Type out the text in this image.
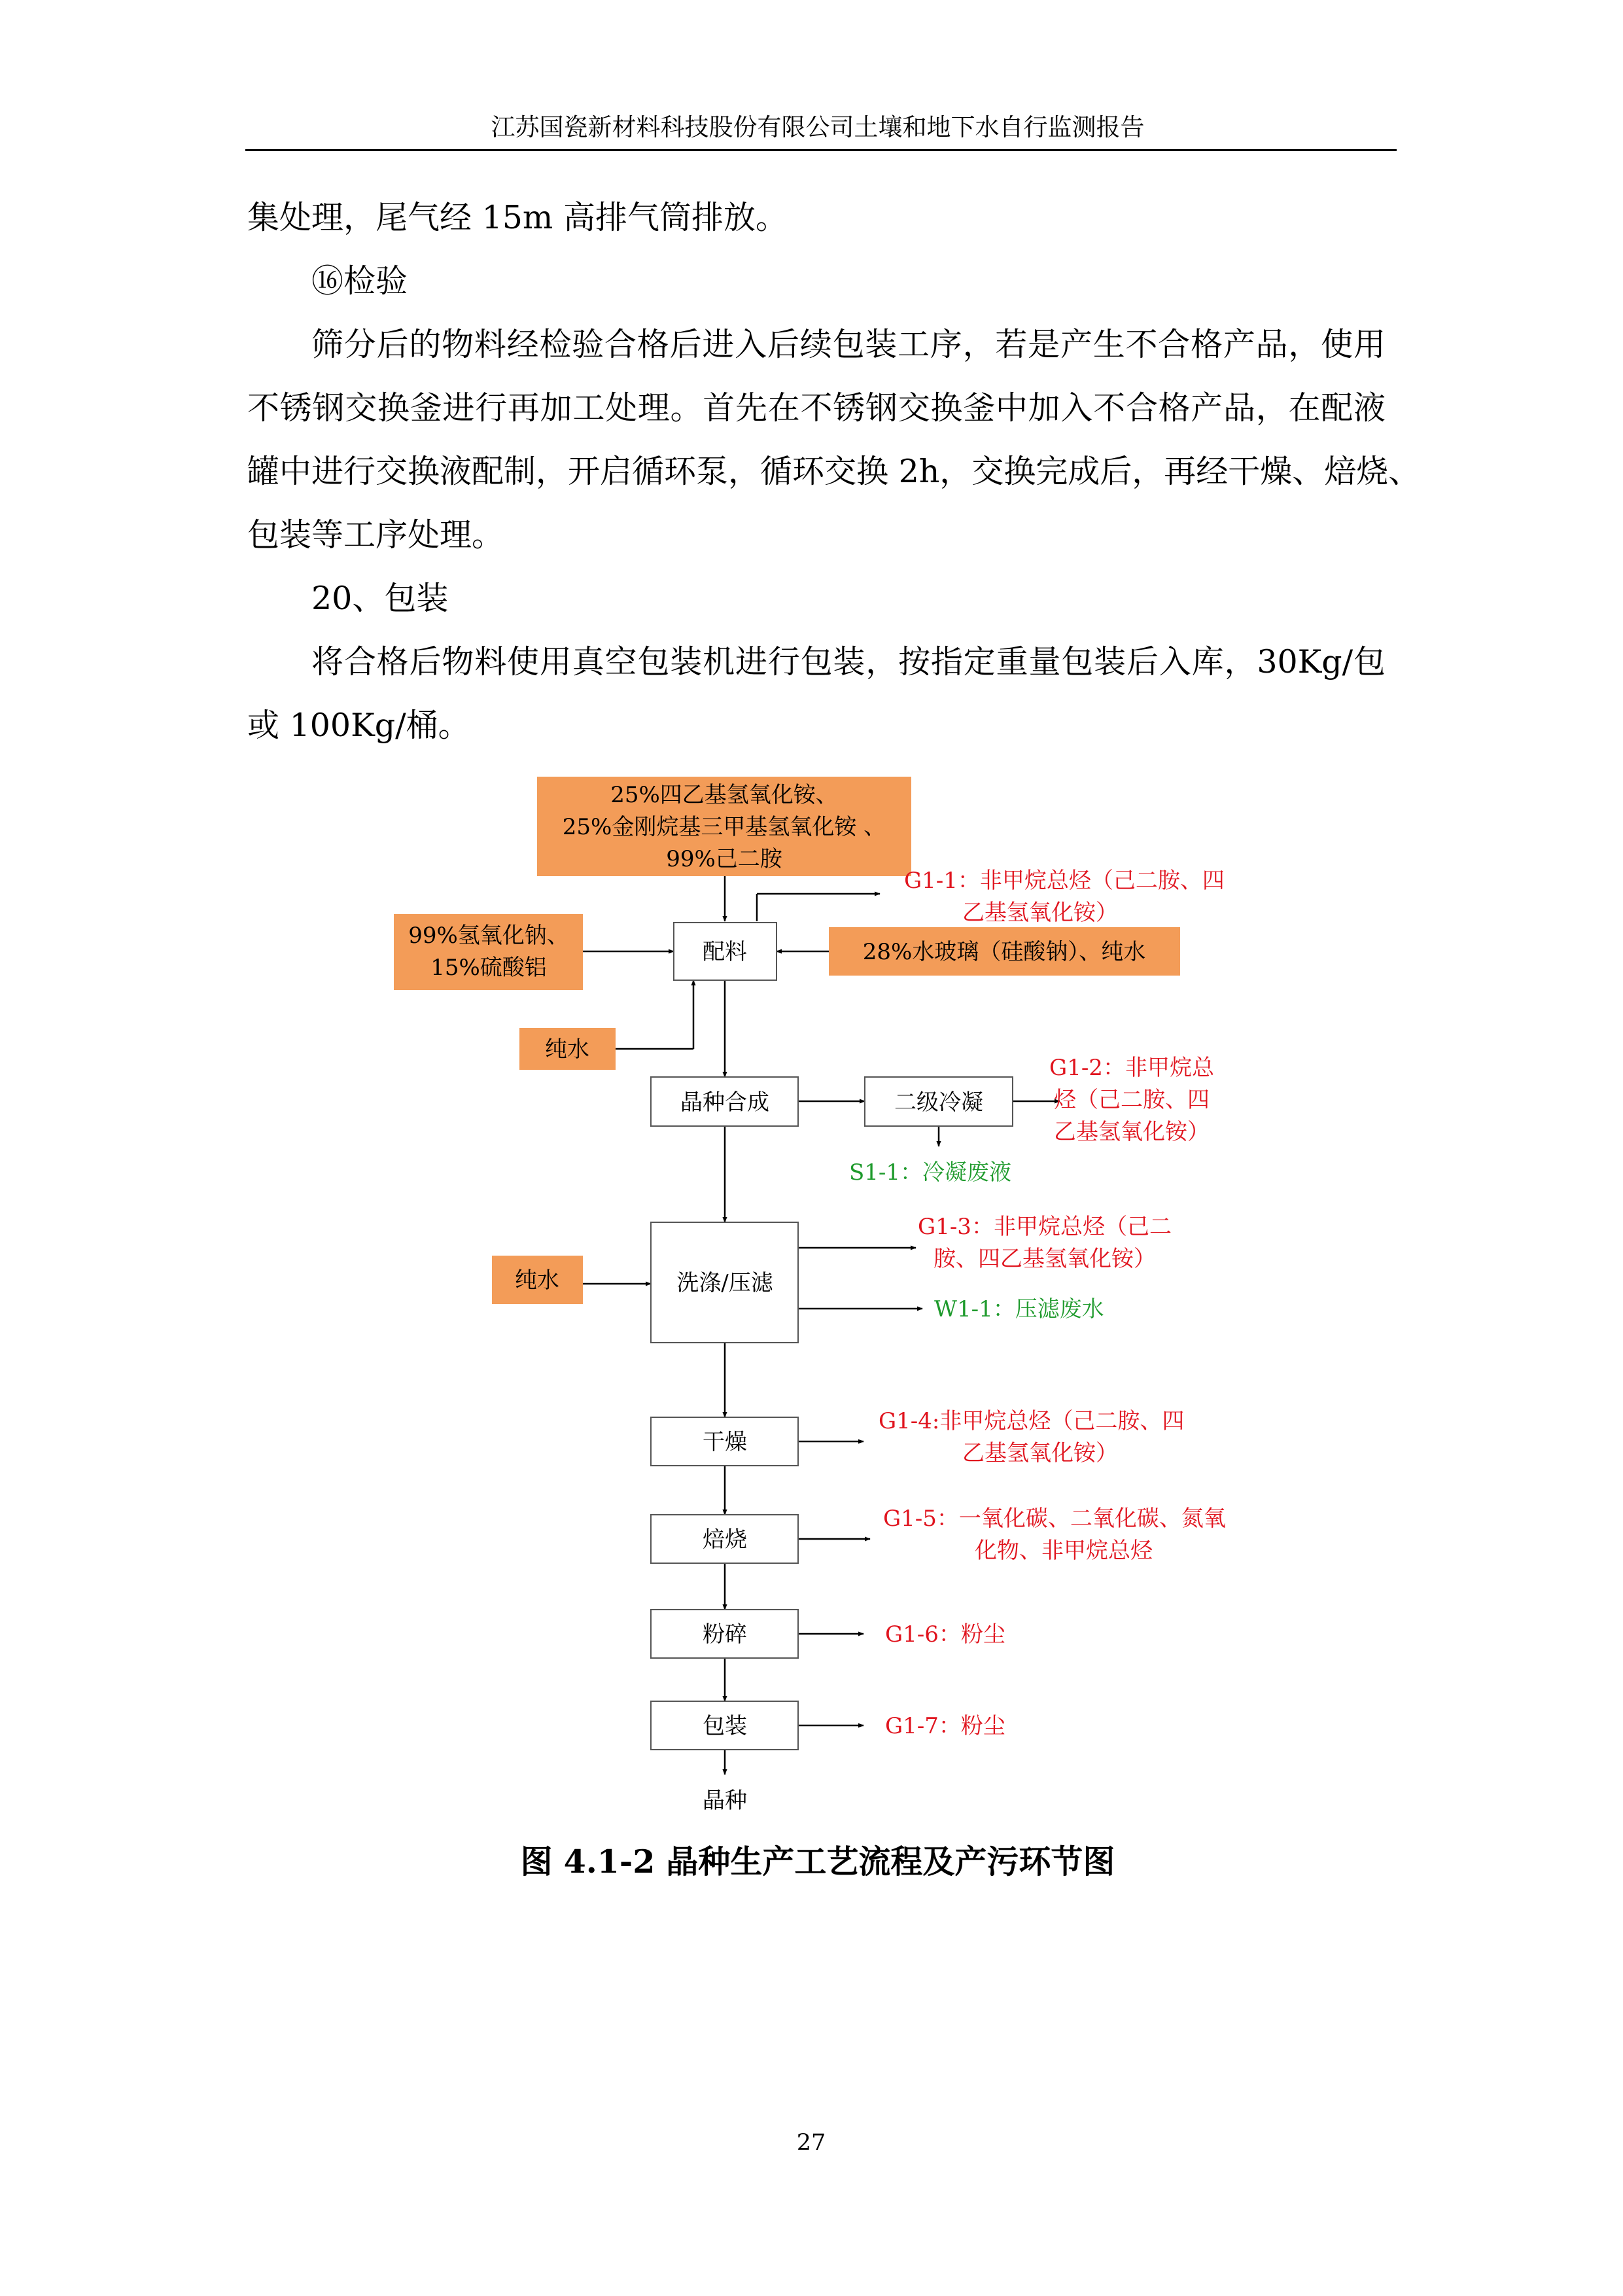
江苏国瓷新材料科技股份有限公司土壤和地下水自行监测报告
集处理，尾气经 15m 高排气筒排放。
⑯检验
筛分后的物料经检验合格后进入后续包装工序，若是产生不合格产品，使用
不锈钢交换釜进行再加工处理。首先在不锈钢交换釜中加入不合格产品，在配液
罐中进行交换液配制，开启循环泵，循环交换 2h，交换完成后，再经干燥、焙烧、
包装等工序处理。
20、包装
将合格后物料使用真空包装机进行包装，按指定重量包装后入库，30Kg/包
或 100Kg/桶。
25%四乙基氢氧化铵、
25%金刚烷基三甲基氢氧化铵 、
99%己二胺
99%氢氧化钠、
15%硫酸铝
28%水玻璃（硅酸钠）、纯水
纯水
纯水
配料
晶种合成	二级冷凝
洗涤/压滤
干燥
焙烧
粉碎
包装
晶种
G1-1：非甲烷总烃（己二胺、四
乙基氢氧化铵）
G1-2：非甲烷总
烃（己二胺、四
乙基氢氧化铵）
G1-3：非甲烷总烃（己二
胺、四乙基氢氧化铵）
G1-4:非甲烷总烃（己二胺、四
乙基氢氧化铵）
G1-5：一氧化碳、二氧化碳、氮氧
化物、非甲烷总烃
G1-6：粉尘
G1-7：粉尘
S1-1：冷凝废液
W1-1：压滤废水
图 4.1-2 晶种生产工艺流程及产污环节图
27
